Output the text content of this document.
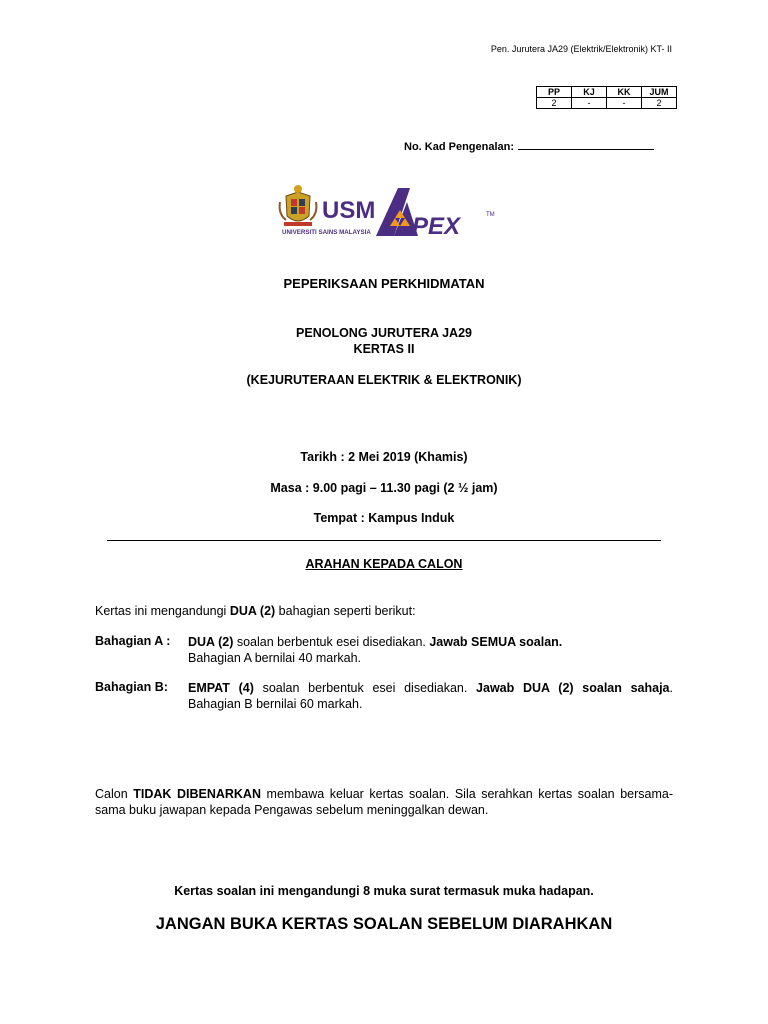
Pen. Jurutera JA29 (Elektrik/Elektronik) KT- II
PP	KJ	KK	JUM
2	-	-	2
No. Kad Pengenalan:
USM
UNIVERSITI SAINS MALAYSIA PEX	TM
PEPERIKSAAN PERKHIDMATAN
PENOLONG JURUTERA JA29
KERTAS II
(KEJURUTERAAN ELEKTRIK & ELEKTRONIK)
Tarikh : 2 Mei 2019 (Khamis)
Masa : 9.00 pagi – 11.30 pagi (2 ½ jam)
Tempat : Kampus Induk
ARAHAN KEPADA CALON
Kertas ini mengandungi DUA (2) bahagian seperti berikut:
Bahagian A : DUA (2) soalan berbentuk esei disediakan. Jawab SEMUA soalan.
Bahagian A bernilai 40 markah.
Bahagian B: EMPAT (4) soalan berbentuk esei disediakan. Jawab DUA (2) soalan sahaja. Bahagian B bernilai 60 markah.
Calon TIDAK DIBENARKAN membawa keluar kertas soalan. Sila serahkan kertas soalan bersama-sama buku jawapan kepada Pengawas sebelum meninggalkan dewan.
Kertas soalan ini mengandungi 8 muka surat termasuk muka hadapan.
JANGAN BUKA KERTAS SOALAN SEBELUM DIARAHKAN
